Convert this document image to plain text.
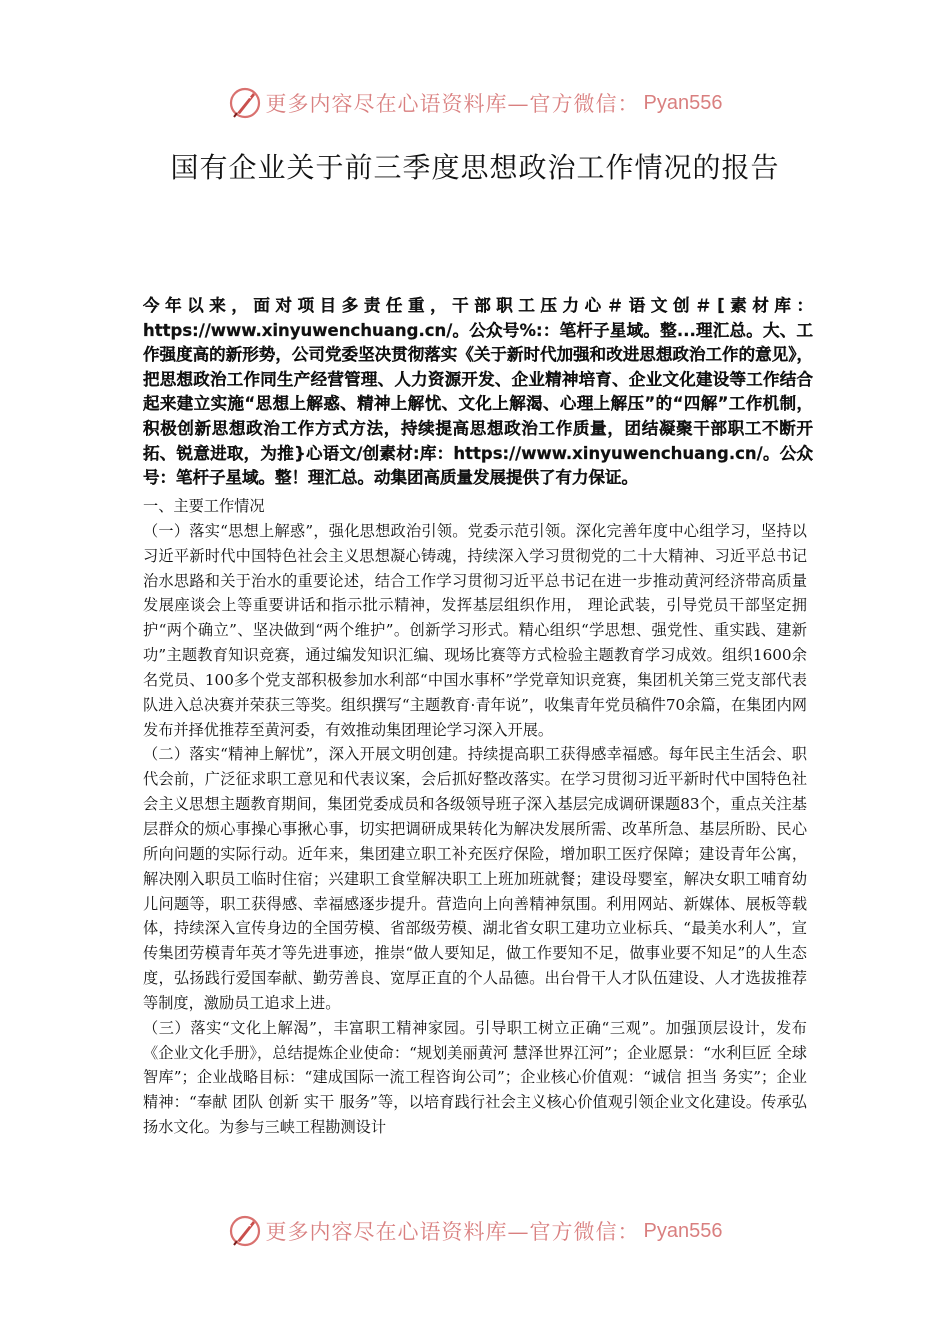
更多内容尽在心语资料库—官方微信： Pyan556
国有企业关于前三季度思想政治工作情况的报告

今年以来，面对项目多责任重，干部职工压力心＃语文创＃[素材库：https://www.xinyuwenchuang.cn/。公众号%:：笔杆子星域。整...理汇总。大、工作强度高的新形势，公司党委坚决贯彻落实《关于新时代加强和改进思想政治工作的意见》，把思想政治工作同生产经营管理、人力资源开发、企业精神培育、企业文化建设等工作结合起来建立实施“思想上解惑、精神上解忧、文化上解渴、心理上解压”的“四解”工作机制，积极创新思想政治工作方式方法，持续提高思想政治工作质量，团结凝聚干部职工不断开拓、锐意进取，为推}心语文/创素材:库：https://www.xinyuwenchuang.cn/。公众号：笔杆子星域。整！理汇总。动集团高质量发展提供了有力保证。

一、主要工作情况

（一）落实“思想上解惑”，强化思想政治引领。党委示范引领。深化完善年度中心组学习，坚持以习近平新时代中国特色社会主义思想凝心铸魂，持续深入学习贯彻党的二十大精神、习近平总书记治水思路和关于治水的重要论述，结合工作学习贯彻习近平总书记在进一步推动黄河经济带高质量发展座谈会上等重要讲话和指示批示精神，发挥基层组织作用， 理论武装，引导党员干部坚定拥护“两个确立”、坚决做到“两个维护”。创新学习形式。精心组织“学思想、强党性、重实践、建新功”主题教育知识竞赛，通过编发知识汇编、现场比赛等方式检验主题教育学习成效。组织1600余名党员、100多个党支部积极参加水利部“中国水事杯”学党章知识竞赛，集团机关第三党支部代表队进入总决赛并荣获三等奖。组织撰写“主题教育·青年说”，收集青年党员稿件70余篇，在集团内网发布并择优推荐至黄河委，有效推动集团理论学习深入开展。

（二）落实“精神上解忧”，深入开展文明创建。持续提高职工获得感幸福感。每年民主生活会、职代会前，广泛征求职工意见和代表议案，会后抓好整改落实。在学习贯彻习近平新时代中国特色社会主义思想主题教育期间，集团党委成员和各级领导班子深入基层完成调研课题83个，重点关注基层群众的烦心事操心事揪心事，切实把调研成果转化为解决发展所需、改革所急、基层所盼、民心所向问题的实际行动。近年来，集团建立职工补充医疗保险，增加职工医疗保障；建设青年公寓，解决刚入职员工临时住宿；兴建职工食堂解决职工上班加班就餐；建设母婴室，解决女职工哺育幼儿问题等，职工获得感、幸福感逐步提升。营造向上向善精神氛围。利用网站、新媒体、展板等载体，持续深入宣传身边的全国劳模、省部级劳模、湖北省女职工建功立业标兵、“最美水利人”，宣传集团劳模青年英才等先进事迹，推崇“做人要知足，做工作要知不足，做事业要不知足”的人生态度，弘扬践行爱国奉献、勤劳善良、宽厚正直的个人品德。出台骨干人才队伍建设、人才选拔推荐等制度，激励员工追求上进。

（三）落实“文化上解渴”，丰富职工精神家园。引导职工树立正确“三观”。加强顶层设计，发布《企业文化手册》，总结提炼企业使命：“规划美丽黄河 慧泽世界江河”；企业愿景：“水利巨匠 全球智库”；企业战略目标：“建成国际一流工程咨询公司”；企业核心价值观：“诚信 担当 务实”；企业精神：“奉献 团队 创新 实干 服务”等，以培育践行社会主义核心价值观引领企业文化建设。传承弘扬水文化。为参与三峡工程勘测设计

更多内容尽在心语资料库—官方微信： Pyan556
